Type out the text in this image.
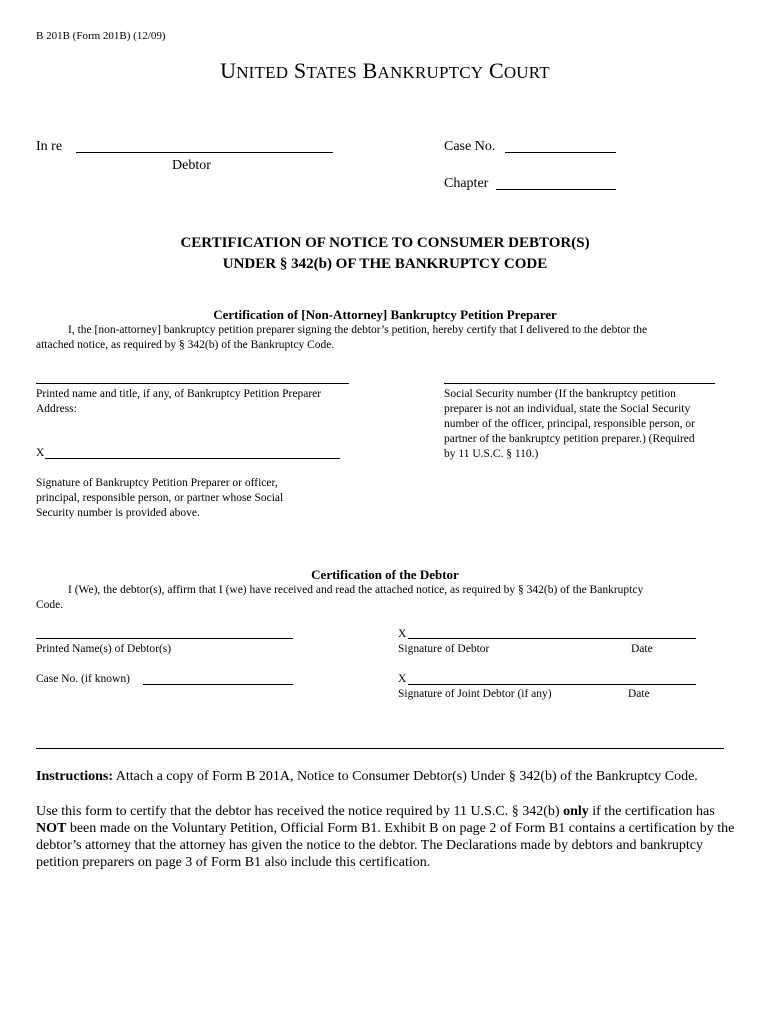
B 201B (Form 201B) (12/09)
UNITED STATES BANKRUPTCY COURT
In re
Debtor
Case No.
Chapter
CERTIFICATION OF NOTICE TO CONSUMER DEBTOR(S)
UNDER § 342(b) OF THE BANKRUPTCY CODE
Certification of [Non-Attorney] Bankruptcy Petition Preparer
I, the [non-attorney] bankruptcy petition preparer signing the debtor’s petition, hereby certify that I delivered to the debtor the
attached notice, as required by § 342(b) of the Bankruptcy Code.
Printed name and title, if any, of Bankruptcy Petition Preparer
Address:
Social Security number (If the bankruptcy petition
preparer is not an individual, state the Social Security
number of the officer, principal, responsible person, or
partner of the bankruptcy petition preparer.) (Required
by 11 U.S.C. § 110.)
X
Signature of Bankruptcy Petition Preparer or officer,
principal, responsible person, or partner whose Social
Security number is provided above.
Certification of the Debtor
I (We), the debtor(s), affirm that I (we) have received and read the attached notice, as required by § 342(b) of the Bankruptcy
Code.
Printed Name(s) of Debtor(s)
X
Signature of Debtor	Date
Case No. (if known)	X
Signature of Joint Debtor (if any)	Date
Instructions: Attach a copy of Form B 201A, Notice to Consumer Debtor(s) Under § 342(b) of the Bankruptcy Code.
Use this form to certify that the debtor has received the notice required by 11 U.S.C. § 342(b) only if the certification has
NOT been made on the Voluntary Petition, Official Form B1. Exhibit B on page 2 of Form B1 contains a certification by the
debtor’s attorney that the attorney has given the notice to the debtor. The Declarations made by debtors and bankruptcy
petition preparers on page 3 of Form B1 also include this certification.
